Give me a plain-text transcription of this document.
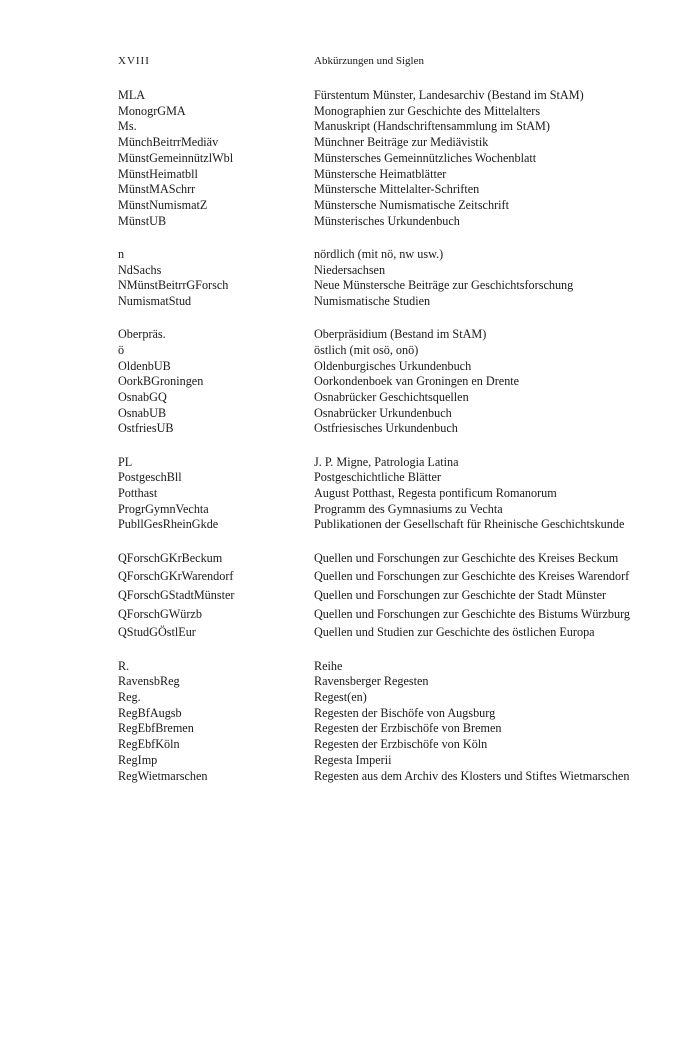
XVIII	Abkürzungen und Siglen
MLA	Fürstentum Münster, Landesarchiv (Bestand im StAM)
MonogrGMA	Monographien zur Geschichte des Mittelalters
Ms.	Manuskript (Handschriftensammlung im StAM)
MünchBeitrrMediäv	Münchner Beiträge zur Mediävistik
MünstGemeinnützlWbl	Münstersches Gemeinnützliches Wochenblatt
MünstHeimatbll	Münstersche Heimatblätter
MünstMASchrr	Münstersche Mittelalter-Schriften
MünstNumismatZ	Münstersche Numismatische Zeitschrift
MünstUB	Münsterisches Urkundenbuch
n	nördlich (mit nö, nw usw.)
NdSachs	Niedersachsen
NMünstBeitrrGForsch	Neue Münstersche Beiträge zur Geschichtsforschung
NumismatStud	Numismatische Studien
Oberpräs.	Oberpräsidium (Bestand im StAM)
ö	östlich (mit osö, onö)
OldenbUB	Oldenburgisches Urkundenbuch
OorkBGroningen	Oorkondenboek van Groningen en Drente
OsnabGQ	Osnabrücker Geschichtsquellen
OsnabUB	Osnabrücker Urkundenbuch
OstfriesUB	Ostfriesisches Urkundenbuch
PL	J. P. Migne, Patrologia Latina
PostgeschBll	Postgeschichtliche Blätter
Potthast	August Potthast, Regesta pontificum Romanorum
ProgrGymnVechta	Programm des Gymnasiums zu Vechta
PubllGesRheinGkde	Publikationen der Gesellschaft für Rheinische Geschichtskunde
QForschGKrBeckum	Quellen und Forschungen zur Geschichte des Kreises Beckum
QForschGKrWarendorf	Quellen und Forschungen zur Geschichte des Kreises Warendorf
QForschGStadtMünster	Quellen und Forschungen zur Geschichte der Stadt Münster
QForschGWürzb	Quellen und Forschungen zur Geschichte des Bistums Würzburg
QStudGÖstlEur	Quellen und Studien zur Geschichte des östlichen Europa
R.	Reihe
RavensbReg	Ravensberger Regesten
Reg.	Regest(en)
RegBfAugsb	Regesten der Bischöfe von Augsburg
RegEbfBremen	Regesten der Erzbischöfe von Bremen
RegEbfKöln	Regesten der Erzbischöfe von Köln
RegImp	Regesta Imperii
RegWietmarschen	Regesten aus dem Archiv des Klosters und Stiftes Wietmarschen
